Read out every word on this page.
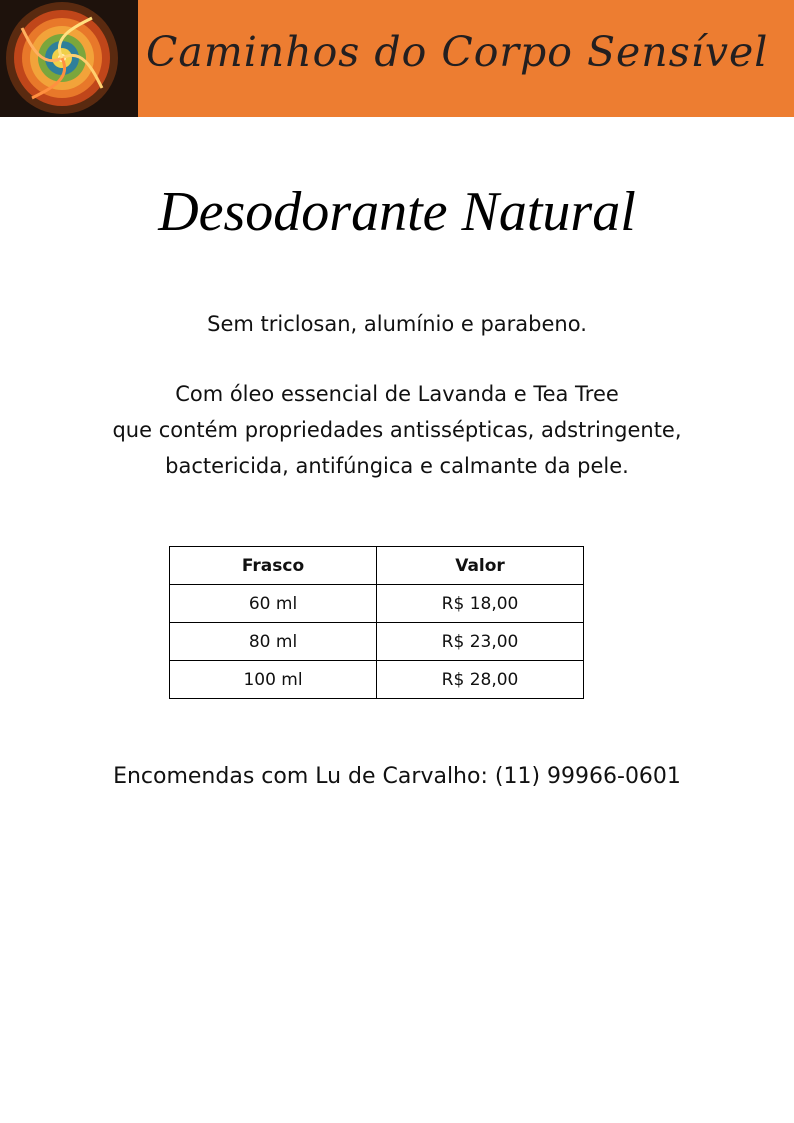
Caminhos do Corpo Sensível
Desodorante Natural
Sem triclosan, alumínio e parabeno.
Com óleo essencial de Lavanda e Tea Tree
que contém propriedades antissépticas, adstringente,
bactericida, antifúngica e calmante da pele.
Frasco	Valor
60 ml	R$ 18,00
80 ml	R$ 23,00
100 ml	R$ 28,00
Encomendas com Lu de Carvalho: (11) 99966-0601
